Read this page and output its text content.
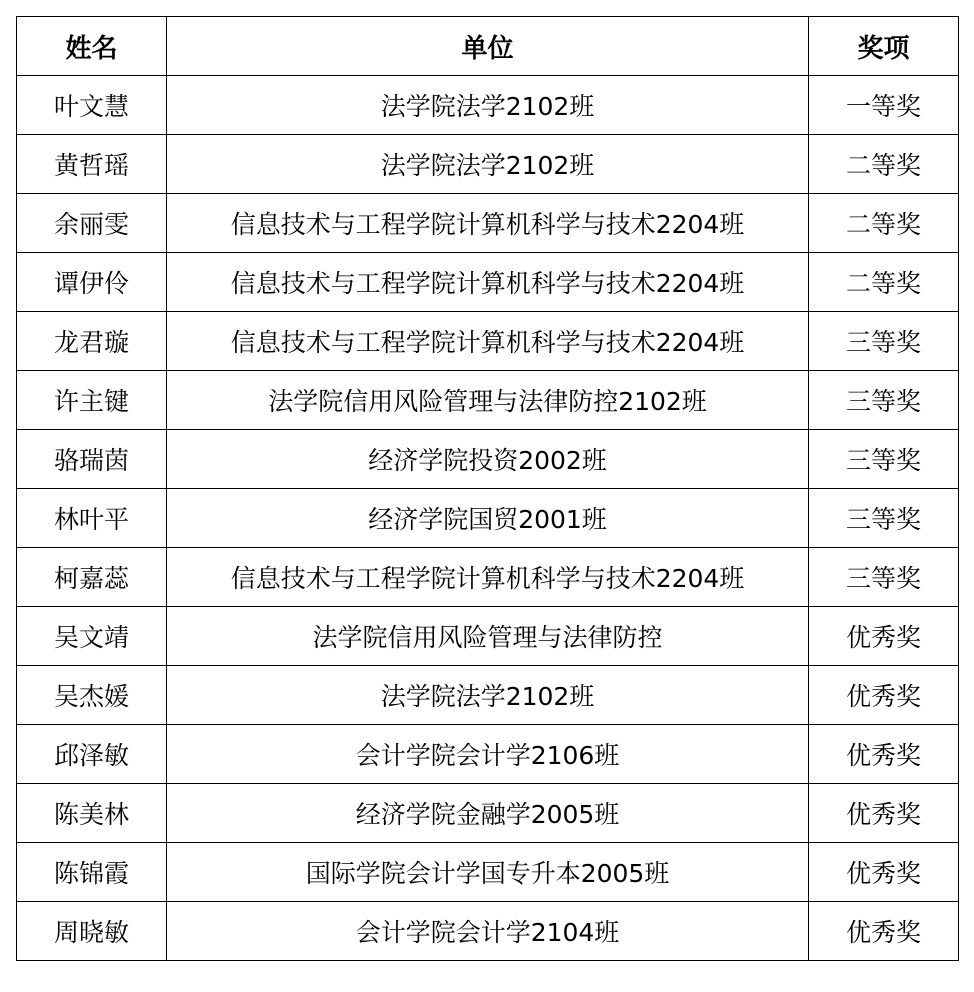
姓名	单位	奖项
叶文慧	法学院法学2102班	一等奖
黄哲瑶	法学院法学2102班	二等奖
余丽雯	信息技术与工程学院计算机科学与技术2204班	二等奖
谭伊伶	信息技术与工程学院计算机科学与技术2204班	二等奖
龙君璇	信息技术与工程学院计算机科学与技术2204班	三等奖
许主键	法学院信用风险管理与法律防控2102班	三等奖
骆瑞茵	经济学院投资2002班	三等奖
林叶平	经济学院国贸2001班	三等奖
柯嘉蕊	信息技术与工程学院计算机科学与技术2204班	三等奖
吴文靖	法学院信用风险管理与法律防控	优秀奖
吴杰媛	法学院法学2102班	优秀奖
邱泽敏	会计学院会计学2106班	优秀奖
陈美林	经济学院金融学2005班	优秀奖
陈锦霞	国际学院会计学国专升本2005班	优秀奖
周晓敏	会计学院会计学2104班	优秀奖
